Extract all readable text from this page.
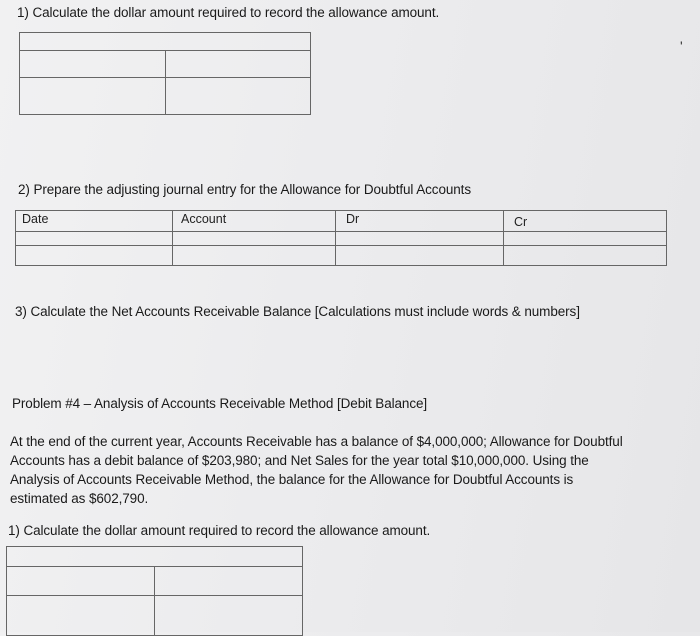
1) Calculate the dollar amount required to record the allowance amount.
'

2) Prepare the adjusting journal entry for the Allowance for Doubtful Accounts
Date	Account	Dr	Cr

3) Calculate the Net Accounts Receivable Balance [Calculations must include words & numbers]
Problem #4 – Analysis of Accounts Receivable Method [Debit Balance]
At the end of the current year, Accounts Receivable has a balance of $4,000,000; Allowance for Doubtful
Accounts has a debit balance of $203,980; and Net Sales for the year total $10,000,000. Using the
Analysis of Accounts Receivable Method, the balance for the Allowance for Doubtful Accounts is
estimated as $602,790.
1) Calculate the dollar amount required to record the allowance amount.
